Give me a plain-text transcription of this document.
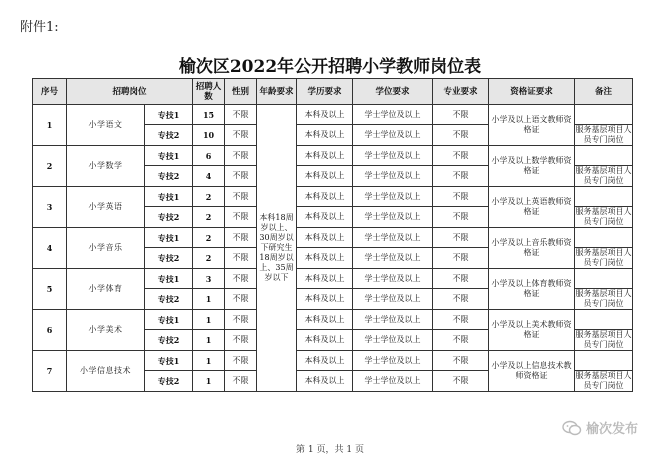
附件1:
榆次区2022年公开招聘小学教师岗位表
序号	招聘岗位		招聘人数	性别	年龄要求	学历要求	学位要求	专业要求	资格证要求	备注
1	小学语文	专技1	15	不限	本科18周岁以上、30周岁以下研究生18周岁以上、35周岁以下	本科及以上	学士学位及以上	不限	小学及以上语文教师资格证	
		专技2	10	不限		本科及以上	学士学位及以上	不限		服务基层项目人员专门岗位
2	小学数学	专技1	6	不限		本科及以上	学士学位及以上	不限	小学及以上数学教师资格证	
		专技2	4	不限		本科及以上	学士学位及以上	不限		服务基层项目人员专门岗位
3	小学英语	专技1	2	不限		本科及以上	学士学位及以上	不限	小学及以上英语教师资格证	
		专技2	2	不限		本科及以上	学士学位及以上	不限		服务基层项目人员专门岗位
4	小学音乐	专技1	2	不限		本科及以上	学士学位及以上	不限	小学及以上音乐教师资格证	
		专技2	2	不限		本科及以上	学士学位及以上	不限		服务基层项目人员专门岗位
5	小学体育	专技1	3	不限		本科及以上	学士学位及以上	不限	小学及以上体育教师资格证	
		专技2	1	不限		本科及以上	学士学位及以上	不限		服务基层项目人员专门岗位
6	小学美术	专技1	1	不限		本科及以上	学士学位及以上	不限	小学及以上美术教师资格证	
		专技2	1	不限		本科及以上	学士学位及以上	不限		服务基层项目人员专门岗位
7	小学信息技术	专技1	1	不限		本科及以上	学士学位及以上	不限	小学及以上信息技术教师资格证	
		专技2	1	不限		本科及以上	学士学位及以上	不限		服务基层项目人员专门岗位
榆次发布
第 1 页，共 1 页
